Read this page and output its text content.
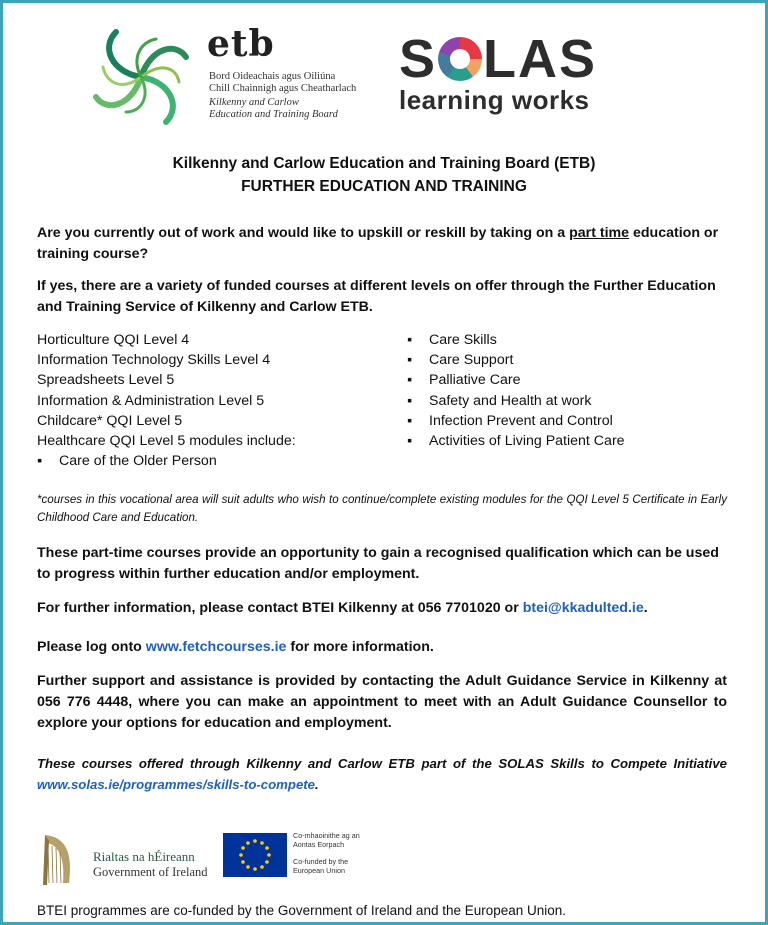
etb
Bord Oideachais agus Oiliúna
Chill Chainnigh agus Cheatharlach
Kilkenny and Carlow
Education and Training Board
S LAS
learning works
Kilkenny and Carlow Education and Training Board (ETB)
FURTHER EDUCATION AND TRAINING
Are you currently out of work and would like to upskill or reskill by taking on a part time education or training course?
If yes, there are a variety of funded courses at different levels on offer through the Further Education and Training Service of Kilkenny and Carlow ETB.
Horticulture QQI Level 4
Information Technology Skills Level 4
Spreadsheets Level 5
Information & Administration Level 5
Childcare* QQI Level 5
Healthcare QQI Level 5 modules include:
▪ Care of the Older Person
▪ Care Skills
▪ Care Support
▪ Palliative Care
▪ Safety and Health at work
▪ Infection Prevent and Control
▪ Activities of Living Patient Care
*courses in this vocational area will suit adults who wish to continue/complete existing modules for the QQI Level 5 Certificate in Early Childhood Care and Education.
These part-time courses provide an opportunity to gain a recognised qualification which can be used to progress within further education and/or employment.
For further information, please contact BTEI Kilkenny at 056 7701020 or btei@kkadulted.ie.
Please log onto www.fetchcourses.ie for more information.
Further support and assistance is provided by contacting the Adult Guidance Service in Kilkenny at 056 776 4448, where you can make an appointment to meet with an Adult Guidance Counsellor to explore your options for education and employment.
These courses offered through Kilkenny and Carlow ETB part of the SOLAS Skills to Compete Initiative www.solas.ie/programmes/skills-to-compete.
Rialtas na hÉireann
Government of Ireland
Co-mhaoinithe ag an
Aontas Eorpach
Co-funded by the
European Union
BTEI programmes are co-funded by the Government of Ireland and the European Union.
